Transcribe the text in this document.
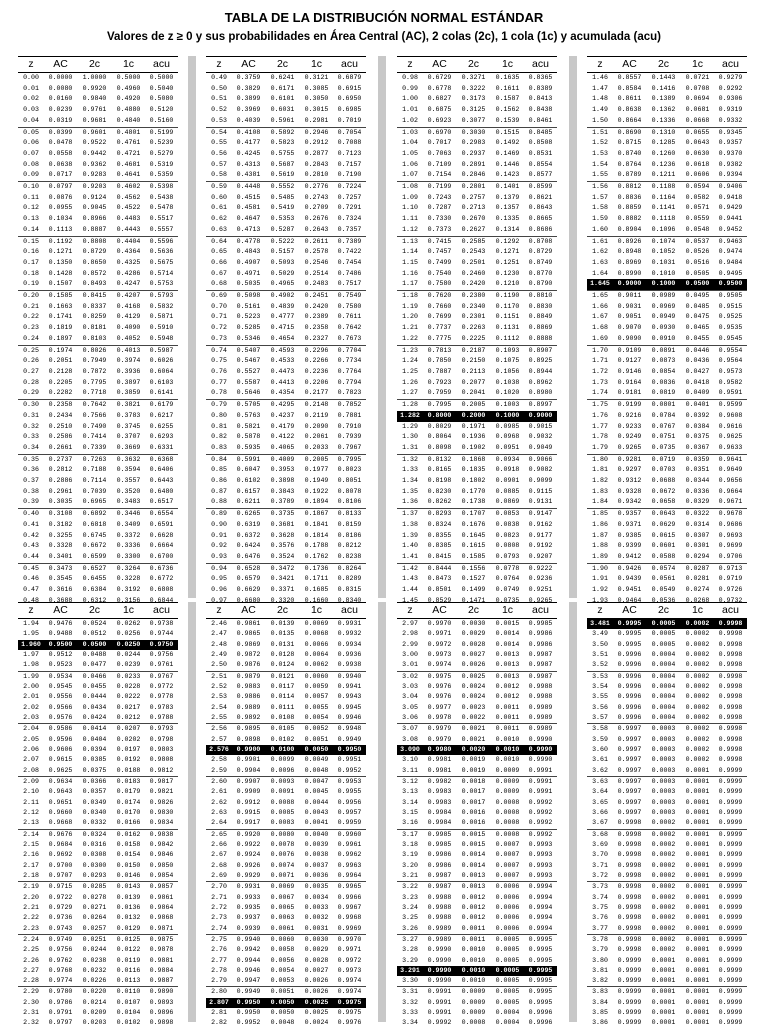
TABLA DE LA DISTRIBUCIÓN NORMAL ESTÁNDAR
Valores de z ≥ 0 y sus probabilidades en Área Central (AC), 2 colas (2c), 1 cola (1c) y acumulada (acu)
z	AC	2c	1c	acu
0.00	0.0000	1.0000	0.5000	0.5000
0.01	0.0080	0.9920	0.4960	0.5040
0.02	0.0160	0.9840	0.4920	0.5080
0.03	0.0239	0.9761	0.4880	0.5120
0.04	0.0319	0.9681	0.4840	0.5160
0.05	0.0399	0.9601	0.4801	0.5199
0.06	0.0478	0.9522	0.4761	0.5239
0.07	0.0558	0.9442	0.4721	0.5279
0.08	0.0638	0.9362	0.4681	0.5319
0.09	0.0717	0.9283	0.4641	0.5359
0.10	0.0797	0.9203	0.4602	0.5398
0.11	0.0876	0.9124	0.4562	0.5438
0.12	0.0955	0.9045	0.4522	0.5478
0.13	0.1034	0.8966	0.4483	0.5517
0.14	0.1113	0.8887	0.4443	0.5557
0.15	0.1192	0.8808	0.4404	0.5596
0.16	0.1271	0.8729	0.4364	0.5636
0.17	0.1350	0.8650	0.4325	0.5675
0.18	0.1428	0.8572	0.4286	0.5714
0.19	0.1507	0.8493	0.4247	0.5753
0.20	0.1585	0.8415	0.4207	0.5793
0.21	0.1663	0.8337	0.4168	0.5832
0.22	0.1741	0.8259	0.4129	0.5871
0.23	0.1819	0.8181	0.4090	0.5910
0.24	0.1897	0.8103	0.4052	0.5948
0.25	0.1974	0.8026	0.4013	0.5987
0.26	0.2051	0.7949	0.3974	0.6026
0.27	0.2128	0.7872	0.3936	0.6064
0.28	0.2205	0.7795	0.3897	0.6103
0.29	0.2282	0.7718	0.3859	0.6141
0.30	0.2358	0.7642	0.3821	0.6179
0.31	0.2434	0.7566	0.3783	0.6217
0.32	0.2510	0.7490	0.3745	0.6255
0.33	0.2586	0.7414	0.3707	0.6293
0.34	0.2661	0.7339	0.3669	0.6331
0.35	0.2737	0.7263	0.3632	0.6368
0.36	0.2812	0.7188	0.3594	0.6406
0.37	0.2886	0.7114	0.3557	0.6443
0.38	0.2961	0.7039	0.3520	0.6480
0.39	0.3035	0.6965	0.3483	0.6517
0.40	0.3108	0.6892	0.3446	0.6554
0.41	0.3182	0.6818	0.3409	0.6591
0.42	0.3255	0.6745	0.3372	0.6628
0.43	0.3328	0.6672	0.3336	0.6664
0.44	0.3401	0.6599	0.3300	0.6700
0.45	0.3473	0.6527	0.3264	0.6736
0.46	0.3545	0.6455	0.3228	0.6772
0.47	0.3616	0.6384	0.3192	0.6808
0.48	0.3688	0.6312	0.3156	0.6844
z	AC	2c	1c	acu
0.49	0.3759	0.6241	0.3121	0.6879
0.50	0.3829	0.6171	0.3085	0.6915
0.51	0.3899	0.6101	0.3050	0.6950
0.52	0.3969	0.6031	0.3015	0.6985
0.53	0.4039	0.5961	0.2981	0.7019
0.54	0.4108	0.5892	0.2946	0.7054
0.55	0.4177	0.5823	0.2912	0.7088
0.56	0.4245	0.5755	0.2877	0.7123
0.57	0.4313	0.5687	0.2843	0.7157
0.58	0.4381	0.5619	0.2810	0.7190
0.59	0.4448	0.5552	0.2776	0.7224
0.60	0.4515	0.5485	0.2743	0.7257
0.61	0.4581	0.5419	0.2709	0.7291
0.62	0.4647	0.5353	0.2676	0.7324
0.63	0.4713	0.5287	0.2643	0.7357
0.64	0.4778	0.5222	0.2611	0.7389
0.65	0.4843	0.5157	0.2578	0.7422
0.66	0.4907	0.5093	0.2546	0.7454
0.67	0.4971	0.5029	0.2514	0.7486
0.68	0.5035	0.4965	0.2483	0.7517
0.69	0.5098	0.4902	0.2451	0.7549
0.70	0.5161	0.4839	0.2420	0.7580
0.71	0.5223	0.4777	0.2389	0.7611
0.72	0.5285	0.4715	0.2358	0.7642
0.73	0.5346	0.4654	0.2327	0.7673
0.74	0.5407	0.4593	0.2296	0.7704
0.75	0.5467	0.4533	0.2266	0.7734
0.76	0.5527	0.4473	0.2236	0.7764
0.77	0.5587	0.4413	0.2206	0.7794
0.78	0.5646	0.4354	0.2177	0.7823
0.79	0.5705	0.4295	0.2148	0.7852
0.80	0.5763	0.4237	0.2119	0.7881
0.81	0.5821	0.4179	0.2090	0.7910
0.82	0.5878	0.4122	0.2061	0.7939
0.83	0.5935	0.4065	0.2033	0.7967
0.84	0.5991	0.4009	0.2005	0.7995
0.85	0.6047	0.3953	0.1977	0.8023
0.86	0.6102	0.3898	0.1949	0.8051
0.87	0.6157	0.3843	0.1922	0.8078
0.88	0.6211	0.3789	0.1894	0.8106
0.89	0.6265	0.3735	0.1867	0.8133
0.90	0.6319	0.3681	0.1841	0.8159
0.91	0.6372	0.3628	0.1814	0.8186
0.92	0.6424	0.3576	0.1788	0.8212
0.93	0.6476	0.3524	0.1762	0.8238
0.94	0.6528	0.3472	0.1736	0.8264
0.95	0.6579	0.3421	0.1711	0.8289
0.96	0.6629	0.3371	0.1685	0.8315
0.97	0.6680	0.3320	0.1660	0.8340
z	AC	2c	1c	acu
0.98	0.6729	0.3271	0.1635	0.8365
0.99	0.6778	0.3222	0.1611	0.8389
1.00	0.6827	0.3173	0.1587	0.8413
1.01	0.6875	0.3125	0.1562	0.8438
1.02	0.6923	0.3077	0.1539	0.8461
1.03	0.6970	0.3030	0.1515	0.8485
1.04	0.7017	0.2983	0.1492	0.8508
1.05	0.7063	0.2937	0.1469	0.8531
1.06	0.7109	0.2891	0.1446	0.8554
1.07	0.7154	0.2846	0.1423	0.8577
1.08	0.7199	0.2801	0.1401	0.8599
1.09	0.7243	0.2757	0.1379	0.8621
1.10	0.7287	0.2713	0.1357	0.8643
1.11	0.7330	0.2670	0.1335	0.8665
1.12	0.7373	0.2627	0.1314	0.8686
1.13	0.7415	0.2585	0.1292	0.8708
1.14	0.7457	0.2543	0.1271	0.8729
1.15	0.7499	0.2501	0.1251	0.8749
1.16	0.7540	0.2460	0.1230	0.8770
1.17	0.7580	0.2420	0.1210	0.8790
1.18	0.7620	0.2380	0.1190	0.8810
1.19	0.7660	0.2340	0.1170	0.8830
1.20	0.7699	0.2301	0.1151	0.8849
1.21	0.7737	0.2263	0.1131	0.8869
1.22	0.7775	0.2225	0.1112	0.8888
1.23	0.7813	0.2187	0.1093	0.8907
1.24	0.7850	0.2150	0.1075	0.8925
1.25	0.7887	0.2113	0.1056	0.8944
1.26	0.7923	0.2077	0.1038	0.8962
1.27	0.7959	0.2041	0.1020	0.8980
1.28	0.7995	0.2005	0.1003	0.8997
1.282	0.8000	0.2000	0.1000	0.9000
1.29	0.8029	0.1971	0.0985	0.9015
1.30	0.8064	0.1936	0.0968	0.9032
1.31	0.8098	0.1902	0.0951	0.9049
1.32	0.8132	0.1868	0.0934	0.9066
1.33	0.8165	0.1835	0.0918	0.9082
1.34	0.8198	0.1802	0.0901	0.9099
1.35	0.8230	0.1770	0.0885	0.9115
1.36	0.8262	0.1738	0.0869	0.9131
1.37	0.8293	0.1707	0.0853	0.9147
1.38	0.8324	0.1676	0.0838	0.9162
1.39	0.8355	0.1645	0.0823	0.9177
1.40	0.8385	0.1615	0.0808	0.9192
1.41	0.8415	0.1585	0.0793	0.9207
1.42	0.8444	0.1556	0.0778	0.9222
1.43	0.8473	0.1527	0.0764	0.9236
1.44	0.8501	0.1499	0.0749	0.9251
1.45	0.8529	0.1471	0.0735	0.9265
z	AC	2c	1c	acu
1.46	0.8557	0.1443	0.0721	0.9279
1.47	0.8584	0.1416	0.0708	0.9292
1.48	0.8611	0.1389	0.0694	0.9306
1.49	0.8638	0.1362	0.0681	0.9319
1.50	0.8664	0.1336	0.0668	0.9332
1.51	0.8690	0.1310	0.0655	0.9345
1.52	0.8715	0.1285	0.0643	0.9357
1.53	0.8740	0.1260	0.0630	0.9370
1.54	0.8764	0.1236	0.0618	0.9382
1.55	0.8789	0.1211	0.0606	0.9394
1.56	0.8812	0.1188	0.0594	0.9406
1.57	0.8836	0.1164	0.0582	0.9418
1.58	0.8859	0.1141	0.0571	0.9429
1.59	0.8882	0.1118	0.0559	0.9441
1.60	0.8904	0.1096	0.0548	0.9452
1.61	0.8926	0.1074	0.0537	0.9463
1.62	0.8948	0.1052	0.0526	0.9474
1.63	0.8969	0.1031	0.0516	0.9484
1.64	0.8990	0.1010	0.0505	0.9495
1.645	0.9000	0.1000	0.0500	0.9500
1.65	0.9011	0.0989	0.0495	0.9505
1.66	0.9031	0.0969	0.0485	0.9515
1.67	0.9051	0.0949	0.0475	0.9525
1.68	0.9070	0.0930	0.0465	0.9535
1.69	0.9090	0.0910	0.0455	0.9545
1.70	0.9109	0.0891	0.0446	0.9554
1.71	0.9127	0.0873	0.0436	0.9564
1.72	0.9146	0.0854	0.0427	0.9573
1.73	0.9164	0.0836	0.0418	0.9582
1.74	0.9181	0.0819	0.0409	0.9591
1.75	0.9199	0.0801	0.0401	0.9599
1.76	0.9216	0.0784	0.0392	0.9608
1.77	0.9233	0.0767	0.0384	0.9616
1.78	0.9249	0.0751	0.0375	0.9625
1.79	0.9265	0.0735	0.0367	0.9633
1.80	0.9281	0.0719	0.0359	0.9641
1.81	0.9297	0.0703	0.0351	0.9649
1.82	0.9312	0.0688	0.0344	0.9656
1.83	0.9328	0.0672	0.0336	0.9664
1.84	0.9342	0.0658	0.0329	0.9671
1.85	0.9357	0.0643	0.0322	0.9678
1.86	0.9371	0.0629	0.0314	0.9686
1.87	0.9385	0.0615	0.0307	0.9693
1.88	0.9399	0.0601	0.0301	0.9699
1.89	0.9412	0.0588	0.0294	0.9706
1.90	0.9426	0.0574	0.0287	0.9713
1.91	0.9439	0.0561	0.0281	0.9719
1.92	0.9451	0.0549	0.0274	0.9726
1.93	0.9464	0.0536	0.0268	0.9732
z	AC	2c	1c	acu
1.94	0.9476	0.0524	0.0262	0.9738
1.95	0.9488	0.0512	0.0256	0.9744
1.960	0.9500	0.0500	0.0250	0.9750
1.97	0.9512	0.0488	0.0244	0.9756
1.98	0.9523	0.0477	0.0239	0.9761
1.99	0.9534	0.0466	0.0233	0.9767
2.00	0.9545	0.0455	0.0228	0.9772
2.01	0.9556	0.0444	0.0222	0.9778
2.02	0.9566	0.0434	0.0217	0.9783
2.03	0.9576	0.0424	0.0212	0.9788
2.04	0.9586	0.0414	0.0207	0.9793
2.05	0.9596	0.0404	0.0202	0.9798
2.06	0.9606	0.0394	0.0197	0.9803
2.07	0.9615	0.0385	0.0192	0.9808
2.08	0.9625	0.0375	0.0188	0.9812
2.09	0.9634	0.0366	0.0183	0.9817
2.10	0.9643	0.0357	0.0179	0.9821
2.11	0.9651	0.0349	0.0174	0.9826
2.12	0.9660	0.0340	0.0170	0.9830
2.13	0.9668	0.0332	0.0166	0.9834
2.14	0.9676	0.0324	0.0162	0.9838
2.15	0.9684	0.0316	0.0158	0.9842
2.16	0.9692	0.0308	0.0154	0.9846
2.17	0.9700	0.0300	0.0150	0.9850
2.18	0.9707	0.0293	0.0146	0.9854
2.19	0.9715	0.0285	0.0143	0.9857
2.20	0.9722	0.0278	0.0139	0.9861
2.21	0.9729	0.0271	0.0136	0.9864
2.22	0.9736	0.0264	0.0132	0.9868
2.23	0.9743	0.0257	0.0129	0.9871
2.24	0.9749	0.0251	0.0125	0.9875
2.25	0.9756	0.0244	0.0122	0.9878
2.26	0.9762	0.0238	0.0119	0.9881
2.27	0.9768	0.0232	0.0116	0.9884
2.28	0.9774	0.0226	0.0113	0.9887
2.29	0.9780	0.0220	0.0110	0.9890
2.30	0.9786	0.0214	0.0107	0.9893
2.31	0.9791	0.0209	0.0104	0.9896
2.32	0.9797	0.0203	0.0102	0.9898
z	AC	2c	1c	acu
2.46	0.9861	0.0139	0.0069	0.9931
2.47	0.9865	0.0135	0.0068	0.9932
2.48	0.9869	0.0131	0.0066	0.9934
2.49	0.9872	0.0128	0.0064	0.9936
2.50	0.9876	0.0124	0.0062	0.9938
2.51	0.9879	0.0121	0.0060	0.9940
2.52	0.9883	0.0117	0.0059	0.9941
2.53	0.9886	0.0114	0.0057	0.9943
2.54	0.9889	0.0111	0.0055	0.9945
2.55	0.9892	0.0108	0.0054	0.9946
2.56	0.9895	0.0105	0.0052	0.9948
2.57	0.9898	0.0102	0.0051	0.9949
2.576	0.9900	0.0100	0.0050	0.9950
2.58	0.9901	0.0099	0.0049	0.9951
2.59	0.9904	0.0096	0.0048	0.9952
2.60	0.9907	0.0093	0.0047	0.9953
2.61	0.9909	0.0091	0.0045	0.9955
2.62	0.9912	0.0088	0.0044	0.9956
2.63	0.9915	0.0085	0.0043	0.9957
2.64	0.9917	0.0083	0.0041	0.9959
2.65	0.9920	0.0080	0.0040	0.9960
2.66	0.9922	0.0078	0.0039	0.9961
2.67	0.9924	0.0076	0.0038	0.9962
2.68	0.9926	0.0074	0.0037	0.9963
2.69	0.9929	0.0071	0.0036	0.9964
2.70	0.9931	0.0069	0.0035	0.9965
2.71	0.9933	0.0067	0.0034	0.9966
2.72	0.9935	0.0065	0.0033	0.9967
2.73	0.9937	0.0063	0.0032	0.9968
2.74	0.9939	0.0061	0.0031	0.9969
2.75	0.9940	0.0060	0.0030	0.9970
2.76	0.9942	0.0058	0.0029	0.9971
2.77	0.9944	0.0056	0.0028	0.9972
2.78	0.9946	0.0054	0.0027	0.9973
2.79	0.9947	0.0053	0.0026	0.9974
2.80	0.9949	0.0051	0.0026	0.9974
2.807	0.9950	0.0050	0.0025	0.9975
2.81	0.9950	0.0050	0.0025	0.9975
2.82	0.9952	0.0048	0.0024	0.9976
z	AC	2c	1c	acu
2.97	0.9970	0.0030	0.0015	0.9985
2.98	0.9971	0.0029	0.0014	0.9986
2.99	0.9972	0.0028	0.0014	0.9986
3.00	0.9973	0.0027	0.0013	0.9987
3.01	0.9974	0.0026	0.0013	0.9987
3.02	0.9975	0.0025	0.0013	0.9987
3.03	0.9976	0.0024	0.0012	0.9988
3.04	0.9976	0.0024	0.0012	0.9988
3.05	0.9977	0.0023	0.0011	0.9989
3.06	0.9978	0.0022	0.0011	0.9989
3.07	0.9979	0.0021	0.0011	0.9989
3.08	0.9979	0.0021	0.0010	0.9990
3.090	0.9980	0.0020	0.0010	0.9990
3.10	0.9981	0.0019	0.0010	0.9990
3.11	0.9981	0.0019	0.0009	0.9991
3.12	0.9982	0.0018	0.0009	0.9991
3.13	0.9983	0.0017	0.0009	0.9991
3.14	0.9983	0.0017	0.0008	0.9992
3.15	0.9984	0.0016	0.0008	0.9992
3.16	0.9984	0.0016	0.0008	0.9992
3.17	0.9985	0.0015	0.0008	0.9992
3.18	0.9985	0.0015	0.0007	0.9993
3.19	0.9986	0.0014	0.0007	0.9993
3.20	0.9986	0.0014	0.0007	0.9993
3.21	0.9987	0.0013	0.0007	0.9993
3.22	0.9987	0.0013	0.0006	0.9994
3.23	0.9988	0.0012	0.0006	0.9994
3.24	0.9988	0.0012	0.0006	0.9994
3.25	0.9988	0.0012	0.0006	0.9994
3.26	0.9989	0.0011	0.0006	0.9994
3.27	0.9989	0.0011	0.0005	0.9995
3.28	0.9990	0.0010	0.0005	0.9995
3.29	0.9990	0.0010	0.0005	0.9995
3.291	0.9990	0.0010	0.0005	0.9995
3.30	0.9990	0.0010	0.0005	0.9995
3.31	0.9991	0.0009	0.0005	0.9995
3.32	0.9991	0.0009	0.0005	0.9995
3.33	0.9991	0.0009	0.0004	0.9996
3.34	0.9992	0.0008	0.0004	0.9996
z	AC	2c	1c	acu
3.481	0.9995	0.0005	0.0002	0.9998
3.49	0.9995	0.0005	0.0002	0.9998
3.50	0.9995	0.0005	0.0002	0.9998
3.51	0.9996	0.0004	0.0002	0.9998
3.52	0.9996	0.0004	0.0002	0.9998
3.53	0.9996	0.0004	0.0002	0.9998
3.54	0.9996	0.0004	0.0002	0.9998
3.55	0.9996	0.0004	0.0002	0.9998
3.56	0.9996	0.0004	0.0002	0.9998
3.57	0.9996	0.0004	0.0002	0.9998
3.58	0.9997	0.0003	0.0002	0.9998
3.59	0.9997	0.0003	0.0002	0.9998
3.60	0.9997	0.0003	0.0002	0.9998
3.61	0.9997	0.0003	0.0002	0.9998
3.62	0.9997	0.0003	0.0001	0.9999
3.63	0.9997	0.0003	0.0001	0.9999
3.64	0.9997	0.0003	0.0001	0.9999
3.65	0.9997	0.0003	0.0001	0.9999
3.66	0.9997	0.0003	0.0001	0.9999
3.67	0.9998	0.0002	0.0001	0.9999
3.68	0.9998	0.0002	0.0001	0.9999
3.69	0.9998	0.0002	0.0001	0.9999
3.70	0.9998	0.0002	0.0001	0.9999
3.71	0.9998	0.0002	0.0001	0.9999
3.72	0.9998	0.0002	0.0001	0.9999
3.73	0.9998	0.0002	0.0001	0.9999
3.74	0.9998	0.0002	0.0001	0.9999
3.75	0.9998	0.0002	0.0001	0.9999
3.76	0.9998	0.0002	0.0001	0.9999
3.77	0.9998	0.0002	0.0001	0.9999
3.78	0.9998	0.0002	0.0001	0.9999
3.79	0.9998	0.0002	0.0001	0.9999
3.80	0.9999	0.0001	0.0001	0.9999
3.81	0.9999	0.0001	0.0001	0.9999
3.82	0.9999	0.0001	0.0001	0.9999
3.83	0.9999	0.0001	0.0001	0.9999
3.84	0.9999	0.0001	0.0001	0.9999
3.85	0.9999	0.0001	0.0001	0.9999
3.86	0.9999	0.0001	0.0001	0.9999
